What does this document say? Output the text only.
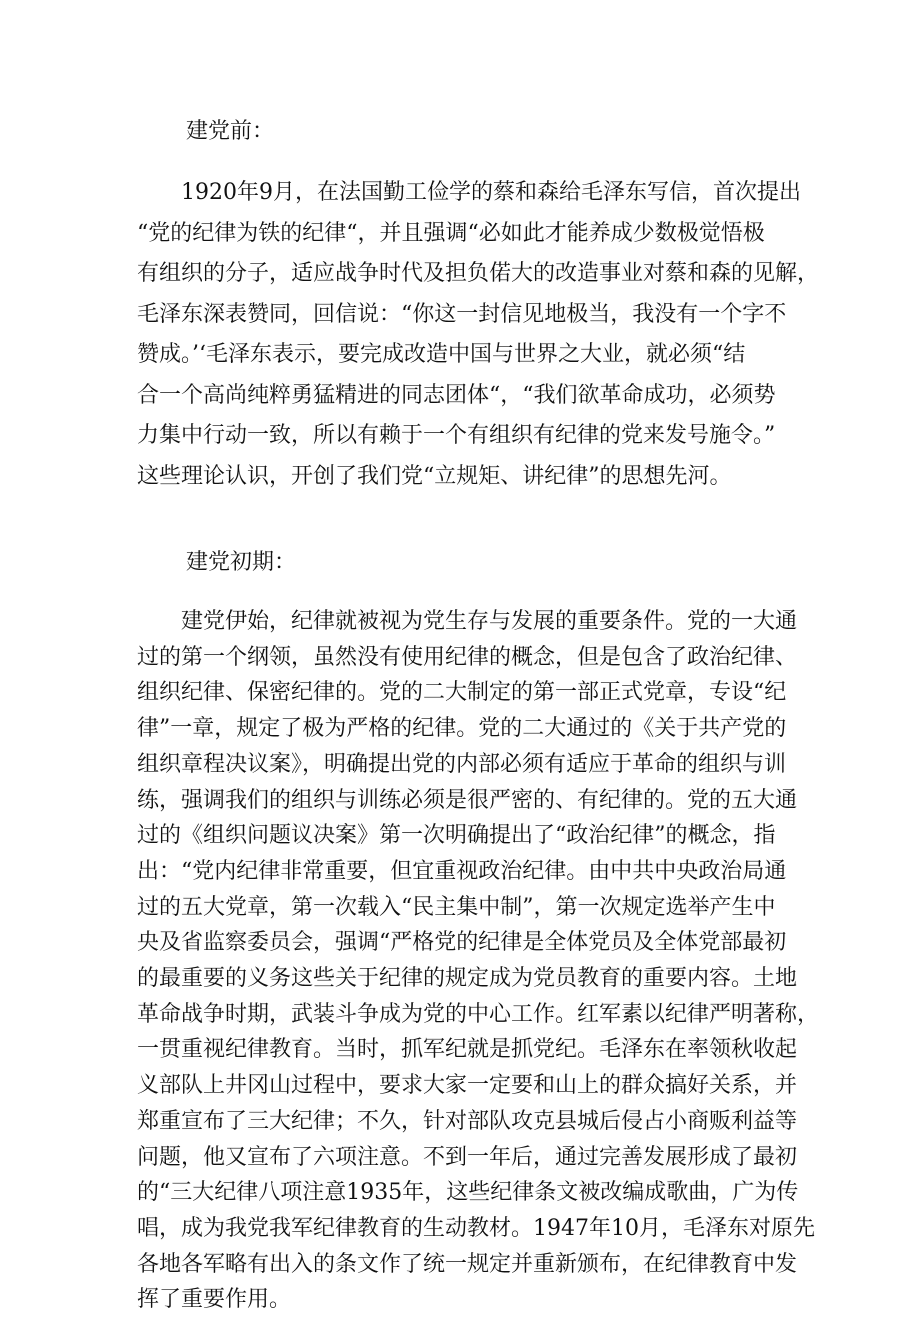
建党前：
　　1920年9月，在法国勤工俭学的蔡和森给毛泽东写信，首次提出
“党的纪律为铁的纪律“，并且强调“必如此才能养成少数极觉悟极
有组织的分子，适应战争时代及担负偌大的改造事业对蔡和森的见解，
毛泽东深表赞同，回信说：“你这一封信见地极当，我没有一个字不
赞成。’‘毛泽东表示，要完成改造中国与世界之大业，就必须“结
合一个高尚纯粹勇猛精进的同志团体“，“我们欲革命成功，必须势
力集中行动一致，所以有赖于一个有组织有纪律的党来发号施令。”
这些理论认识，开创了我们党“立规矩、讲纪律”的思想先河。
建党初期：
　　建党伊始，纪律就被视为党生存与发展的重要条件。党的一大通
过的第一个纲领，虽然没有使用纪律的概念，但是包含了政治纪律、
组织纪律、保密纪律的。党的二大制定的第一部正式党章，专设“纪
律”一章，规定了极为严格的纪律。党的二大通过的《关于共产党的
组织章程决议案》，明确提出党的内部必须有适应于革命的组织与训
练，强调我们的组织与训练必须是很严密的、有纪律的。党的五大通
过的《组织问题议决案》第一次明确提出了“政治纪律”的概念，指
出：“党内纪律非常重要，但宜重视政治纪律。由中共中央政治局通
过的五大党章，第一次载入“民主集中制”，第一次规定选举产生中
央及省监察委员会，强调“严格党的纪律是全体党员及全体党部最初
的最重要的义务这些关于纪律的规定成为党员教育的重要内容。土地
革命战争时期，武装斗争成为党的中心工作。红军素以纪律严明著称，
一贯重视纪律教育。当时，抓军纪就是抓党纪。毛泽东在率领秋收起
义部队上井冈山过程中，要求大家一定要和山上的群众搞好关系，并
郑重宣布了三大纪律；不久，针对部队攻克县城后侵占小商贩利益等
问题，他又宣布了六项注意。不到一年后，通过完善发展形成了最初
的“三大纪律八项注意1935年，这些纪律条文被改编成歌曲，广为传
唱，成为我党我军纪律教育的生动教材。1947年10月，毛泽东对原先
各地各军略有出入的条文作了统一规定并重新颁布，在纪律教育中发
挥了重要作用。
